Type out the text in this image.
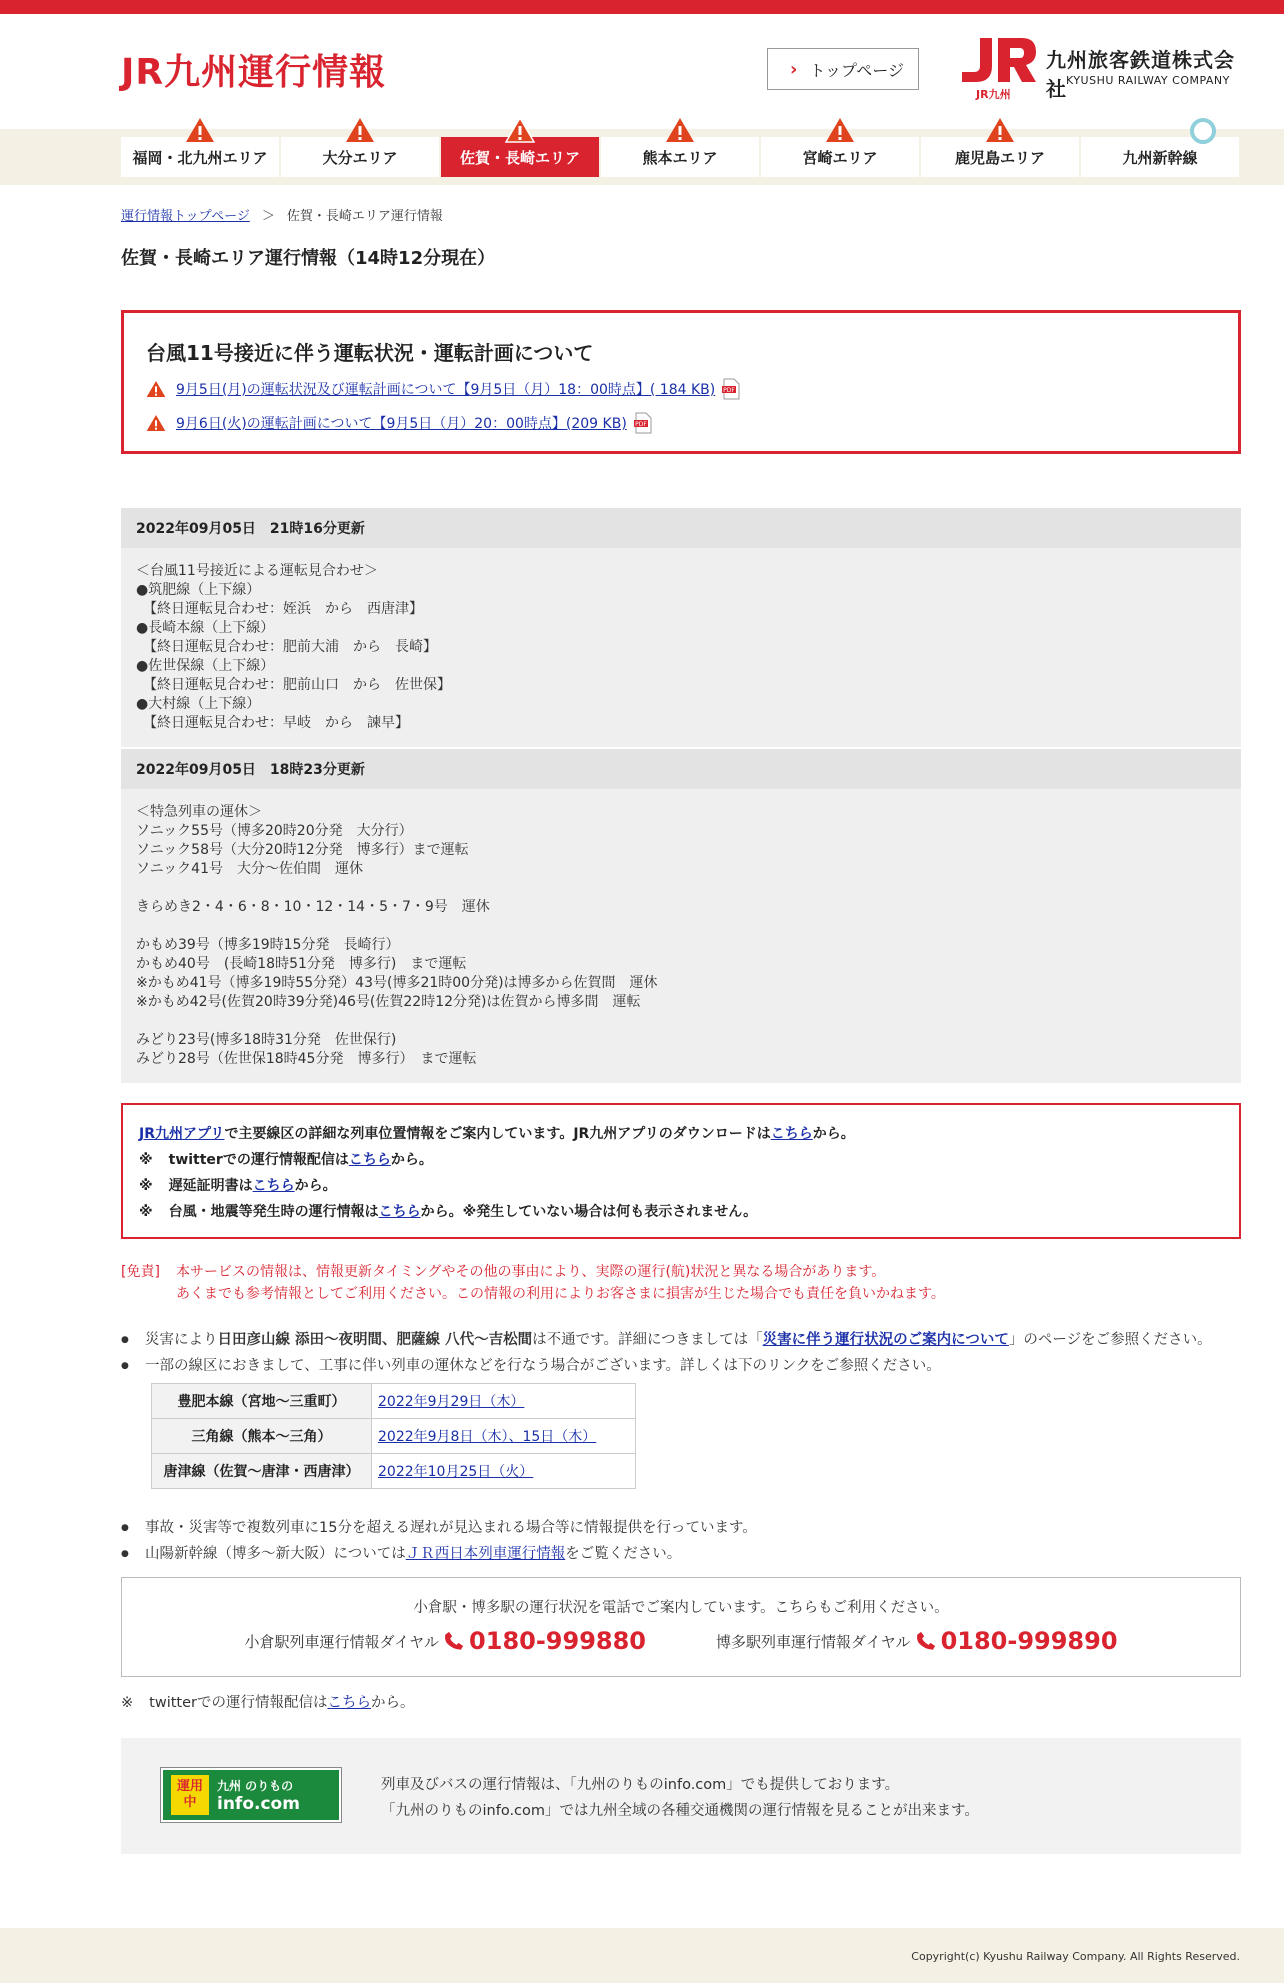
JR九州運行情報	› トップページ
JR九州
九州旅客鉄道株式会社 KYUSHU RAILWAY COMPANY
福岡・北九州エリア	大分エリア	佐賀・長崎エリア	熊本エリア	宮崎エリア	鹿児島エリア	九州新幹線
運行情報トップページ ＞ 佐賀・長崎エリア運行情報
佐賀・長崎エリア運行情報（14時12分現在）
台風11号接近に伴う運転状況・運転計画について
9月5日(月)の運転状況及び運転計画について【9月5日（月）18：00時点】( 184 KB) PDF
9月6日(火)の運転計画について【9月5日（月）20：00時点】(209 KB) PDF
2022年09月05日　21時16分更新
＜台風11号接近による運転見合わせ＞
●筑肥線（上下線）
　【終日運転見合わせ：姪浜　から　西唐津】
●長崎本線（上下線）
　【終日運転見合わせ：肥前大浦　から　長崎】
●佐世保線（上下線）
　【終日運転見合わせ：肥前山口　から　佐世保】
●大村線（上下線）
　【終日運転見合わせ：早岐　から　諫早】
2022年09月05日　18時23分更新
＜特急列車の運休＞
ソニック55号（博多20時20分発　大分行）
ソニック58号（大分20時12分発　博多行）まで運転
ソニック41号　大分～佐伯間　運休

きらめき2・4・6・8・10・12・14・5・7・9号　運休

かもめ39号（博多19時15分発　長崎行）
かもめ40号　(長崎18時51分発　博多行)　まで運転
※かもめ41号（博多19時55分発）43号(博多21時00分発)は博多から佐賀間　運休
※かもめ42号(佐賀20時39分発)46号(佐賀22時12分発)は佐賀から博多間　運転

みどり23号(博多18時31分発　佐世保行)
みどり28号（佐世保18時45分発　博多行）　まで運転
JR九州アプリで主要線区の詳細な列車位置情報をご案内しています。JR九州アプリのダウンロードはこちらから。
※ twitterでの運行情報配信はこちらから。
※ 遅延証明書はこちらから。
※ 台風・地震等発生時の運行情報はこちらから。※発生していない場合は何も表示されません。
[免責]	本サービスの情報は、情報更新タイミングやその他の事由により、実際の運行(航)状況と異なる場合があります。
あくまでも参考情報としてご利用ください。この情報の利用によりお客さまに損害が生じた場合でも責任を負いかねます。
● 災害により日田彦山線 添田～夜明間、肥薩線 八代～吉松間は不通です。詳細につきましては「災害に伴う運行状況のご案内について」のページをご参照ください。
● 一部の線区におきまして、工事に伴い列車の運休などを行なう場合がございます。詳しくは下のリンクをご参照ください。
豊肥本線（宮地～三重町）	2022年9月29日（木）
三角線（熊本～三角）	2022年9月8日（木）、15日（木）
唐津線（佐賀～唐津・西唐津）	2022年10月25日（火）
● 事故・災害等で複数列車に15分を超える遅れが見込まれる場合等に情報提供を行っています。
● 山陽新幹線（博多～新大阪）についてはＪＲ西日本列車運行情報をご覧ください。
小倉駅・博多駅の運行状況を電話でご案内しています。こちらもご利用ください。
小倉駅列車運行情報ダイヤル 0180-999880	博多駅列車運行情報ダイヤル 0180-999890
※ twitterでの運行情報配信はこちらから。
運用中
九州 のりもの
info.com
列車及びバスの運行情報は、「九州のりものinfo.com」でも提供しております。
「九州のりものinfo.com」では九州全域の各種交通機関の運行情報を見ることが出来ます。
Copyright(c) Kyushu Railway Company. All Rights Reserved.
